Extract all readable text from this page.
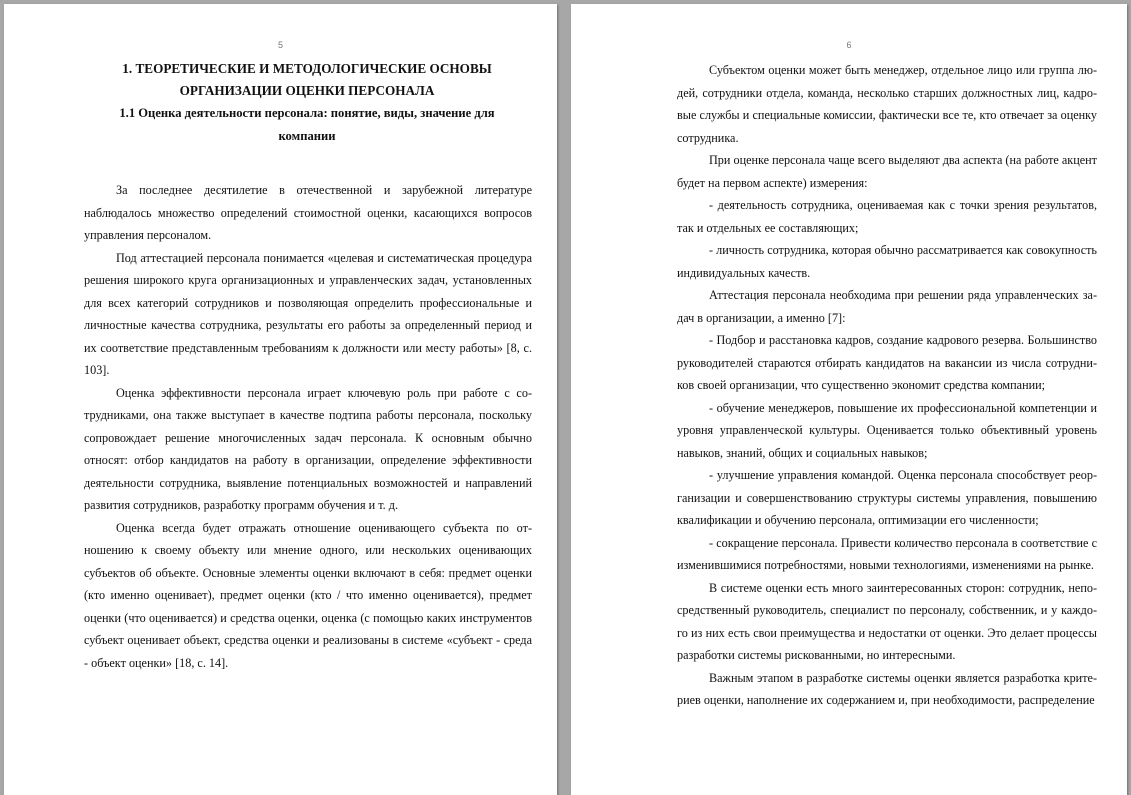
5
1. ТЕОРЕТИЧЕСКИЕ И МЕТОДОЛОГИЧЕСКИЕ ОСНОВЫ
ОРГАНИЗАЦИИ ОЦЕНКИ ПЕРСОНАЛА
1.1 Оценка деятельности персонала: понятие, виды, значение для
компании

За последнее десятилетие в отечественной и зарубежной литературе наблюдалось множество определений стоимостной оценки, касающихся вопросов управления персоналом.

Под аттестацией персонала понимается «целевая и систематическая процедура решения широкого круга организационных и управленческих задач, установленных для всех категорий сотрудников и позволяющая определить профессиональные и личностные качества сотрудника, результаты его работы за определенный период и их соответствие представленным требованиям к должности или месту работы» [8, с. 103].

Оценка эффективности персонала играет ключевую роль при работе с сотрудниками, она также выступает в качестве подтипа работы персонала, поскольку сопровождает решение многочисленных задач персонала. К основным обычно относят: отбор кандидатов на работу в организации, определение эффективности деятельности сотрудника, выявление потенциальных возможностей и направлений развития сотрудников, разработку программ обучения и т. д.

Оценка всегда будет отражать отношение оценивающего субъекта по отношению к своему объекту или мнение одного, или нескольких оценивающих субъектов об объекте. Основные элементы оценки включают в себя: предмет оценки (кто именно оценивает), предмет оценки (кто / что именно оценивается), предмет оценки (что оценивается) и средства оценки, оценка (с помощью каких инструментов субъект оценивает объект, средства оценки и реализованы в системе «субъект - среда - объект оценки» [18, с. 14].

6

Субъектом оценки может быть менеджер, отдельное лицо или группа людей, сотрудники отдела, команда, несколько старших должностных лиц, кадровые службы и специальные комиссии, фактически все те, кто отвечает за оценку сотрудника.

При оценке персонала чаще всего выделяют два аспекта (на работе акцент будет на первом аспекте) измерения:

- деятельность сотрудника, оцениваемая как с точки зрения результатов, так и отдельных ее составляющих;

- личность сотрудника, которая обычно рассматривается как совокупность индивидуальных качеств.

Аттестация персонала необходима при решении ряда управленческих задач в организации, а именно [7]:

- Подбор и расстановка кадров, создание кадрового резерва. Большинство руководителей стараются отбирать кандидатов на вакансии из числа сотрудников своей организации, что существенно экономит средства компании;

- обучение менеджеров, повышение их профессиональной компетенции и уровня управленческой культуры. Оценивается только объективный уровень навыков, знаний, общих и социальных навыков;

- улучшение управления командой. Оценка персонала способствует реорганизации и совершенствованию структуры системы управления, повышению квалификации и обучению персонала, оптимизации его численности;

- сокращение персонала. Привести количество персонала в соответствие с изменившимися потребностями, новыми технологиями, изменениями на рынке.

В системе оценки есть много заинтересованных сторон: сотрудник, непосредственный руководитель, специалист по персоналу, собственник, и у каждого из них есть свои преимущества и недостатки от оценки. Это делает процессы разработки системы рискованными, но интересными.

Важным этапом в разработке системы оценки является разработка критериев оценки, наполнение их содержанием и, при необходимости, распределение
